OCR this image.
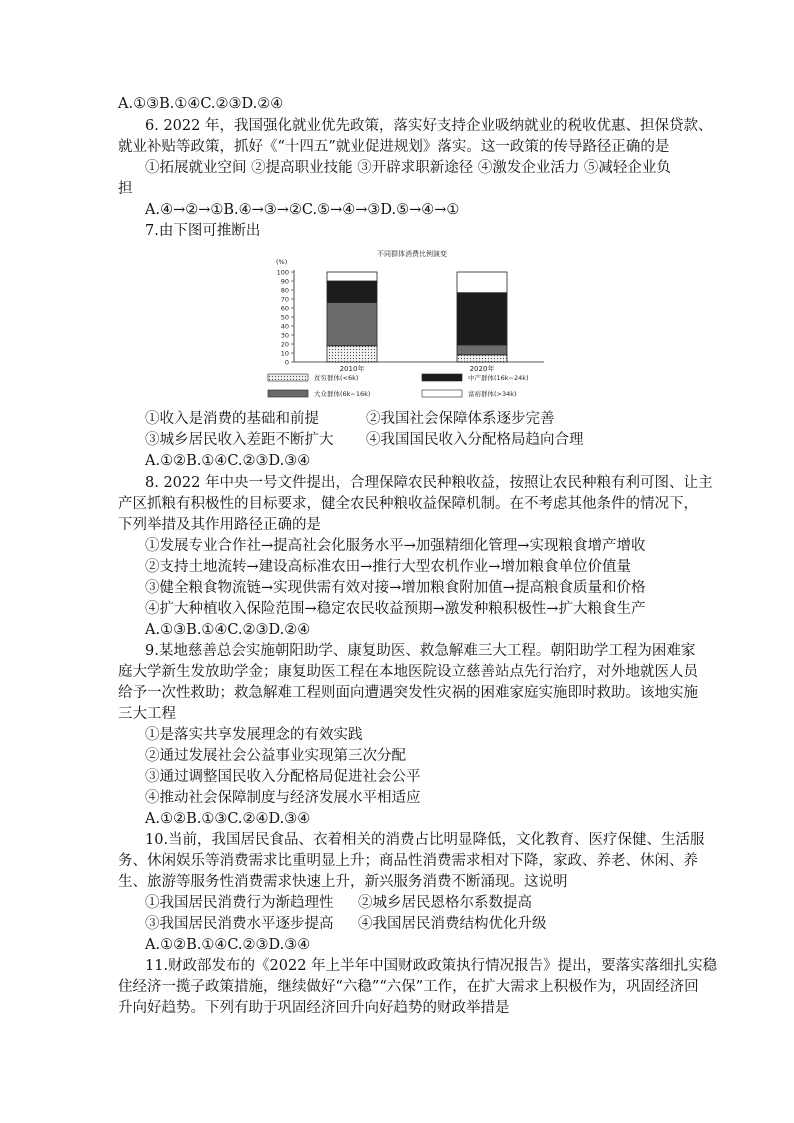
A.①③B.①④C.②③D.②④
6. 2022 年，我国强化就业优先政策，落实好支持企业吸纳就业的税收优惠、担保贷款、
就业补贴等政策，抓好《“十四五”就业促进规划》落实。这一政策的传导路径正确的是
①拓展就业空间 ②提高职业技能 ③开辟求职新途径 ④激发企业活力 ⑤减轻企业负
担
A.④→②→①B.④→③→②C.⑤→④→③D.⑤→④→①
7.由下图可推断出
不同群体消费比例演变
(%)
0
10
20
30
40
50
60
70
80
90
100
2010年	2020年
贫穷群体(<6k)	中产群体(16k~24k)
大众群体(6k~16k)	富裕群体(>34k)
①收入是消费的基础和前提	②我国社会保障体系逐步完善
③城乡居民收入差距不断扩大 ④我国国民收入分配格局趋向合理
A.①②B.①④C.②③D.③④
8. 2022 年中央一号文件提出，合理保障农民种粮收益，按照让农民种粮有利可图、让主
产区抓粮有积极性的目标要求，健全农民种粮收益保障机制。在不考虑其他条件的情况下，
下列举措及其作用路径正确的是
①发展专业合作社→提高社会化服务水平→加强精细化管理→实现粮食增产增收
②支持土地流转→建设高标准农田→推行大型农机作业→增加粮食单位价值量
③健全粮食物流链→实现供需有效对接→增加粮食附加值→提高粮食质量和价格
④扩大种植收入保险范围→稳定农民收益预期→激发种粮积极性→扩大粮食生产
A.①③B.①④C.②③D.②④
9.某地慈善总会实施朝阳助学、康复助医、救急解难三大工程。朝阳助学工程为困难家
庭大学新生发放助学金；康复助医工程在本地医院设立慈善站点先行治疗，对外地就医人员
给予一次性救助；救急解难工程则面向遭遇突发性灾祸的困难家庭实施即时救助。该地实施
三大工程
①是落实共享发展理念的有效实践
②通过发展社会公益事业实现第三次分配
③通过调整国民收入分配格局促进社会公平
④推动社会保障制度与经济发展水平相适应
A.①②B.①③C.②④D.③④
10.当前，我国居民食品、衣着相关的消费占比明显降低，文化教育、医疗保健、生活服
务、休闲娱乐等消费需求比重明显上升；商品性消费需求相对下降，家政、养老、休闲、养
生、旅游等服务性消费需求快速上升，新兴服务消费不断涌现。这说明
①我国居民消费行为渐趋理性 ②城乡居民恩格尔系数提高
③我国居民消费水平逐步提高 ④我国居民消费结构优化升级
A.①②B.①④C.②③D.③④
11.财政部发布的《2022 年上半年中国财政政策执行情况报告》提出，要落实落细扎实稳
住经济一揽子政策措施，继续做好“六稳”“六保”工作，在扩大需求上积极作为，巩固经济回
升向好趋势。下列有助于巩固经济回升向好趋势的财政举措是
